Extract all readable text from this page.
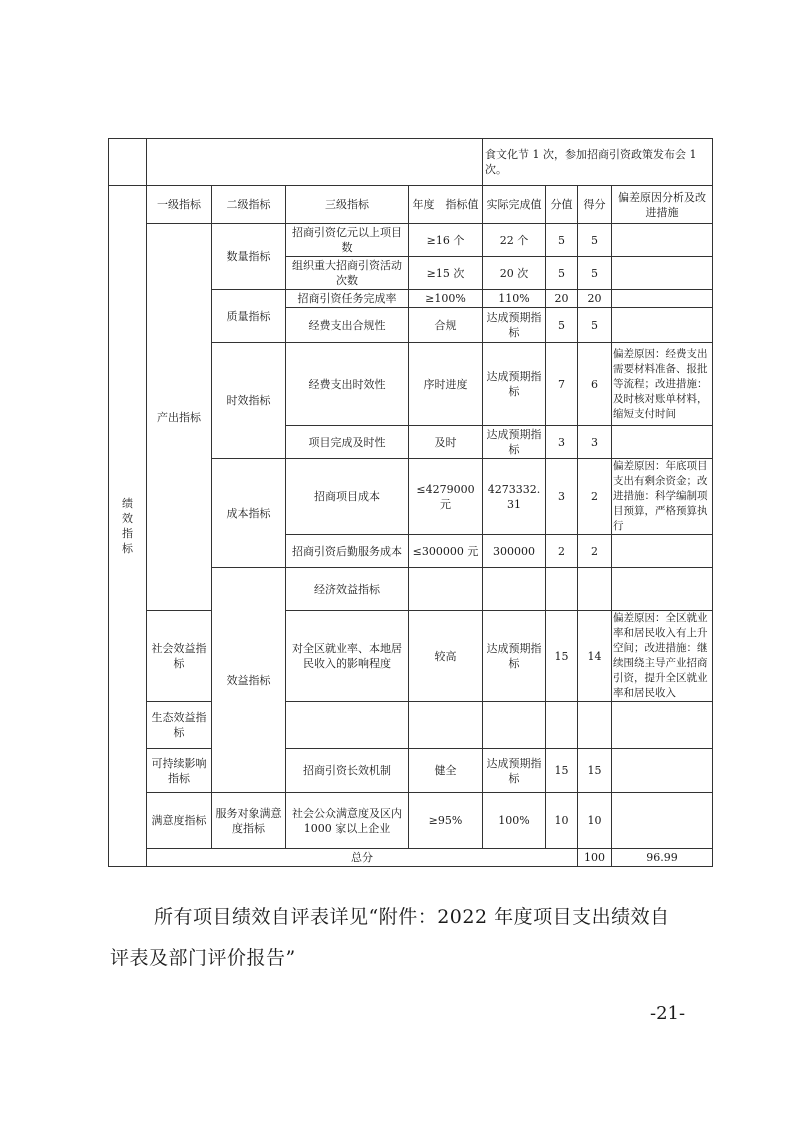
					食文化节 1 次，参加招商引资政策发布会 1 次。				
绩效指标	一级指标	二级指标	三级指标	年度　指标值	实际完成值	分值	得分	偏差原因分析及改进措施	
	产出指标	数量指标	招商引资亿元以上项目数	≥16 个	22 个	5	5		
			组织重大招商引资活动次数	≥15 次	20 次	5	5		
		质量指标	招商引资任务完成率	≥100%	110%	20	20		
			经费支出合规性	合规	达成预期指标	5	5		
		时效指标	经费支出时效性	序时进度	达成预期指标	7	6	偏差原因：经费支出需要材料准备、报批等流程；改进措施：及时核对账单材料，缩短支付时间	
			项目完成及时性	及时	达成预期指标	3	3		
		成本指标	招商项目成本	≤4279000 元	4273332.31	3	2	偏差原因：年底项目支出有剩余资金；改进措施：科学编制项目预算，严格预算执行	
			招商引资后勤服务成本	≤300000 元	300000	2	2		
		效益指标	经济效益指标						
	社会效益指标		对全区就业率、本地居民收入的影响程度	较高	达成预期指标	15	14	偏差原因：全区就业率和居民收入有上升空间；改进措施：继续围绕主导产业招商引资，提升全区就业率和居民收入	
	生态效益指标								
	可持续影响指标		招商引资长效机制	健全	达成预期指标	15	15		
	满意度指标	服务对象满意度指标	社会公众满意度及区内 1000 家以上企业	≥95%	100%	10	10		
	总分						100	96.99	

所有项目绩效自评表详见“附件：2022 年度项目支出绩效自

评表及部门评价报告”

-21-
